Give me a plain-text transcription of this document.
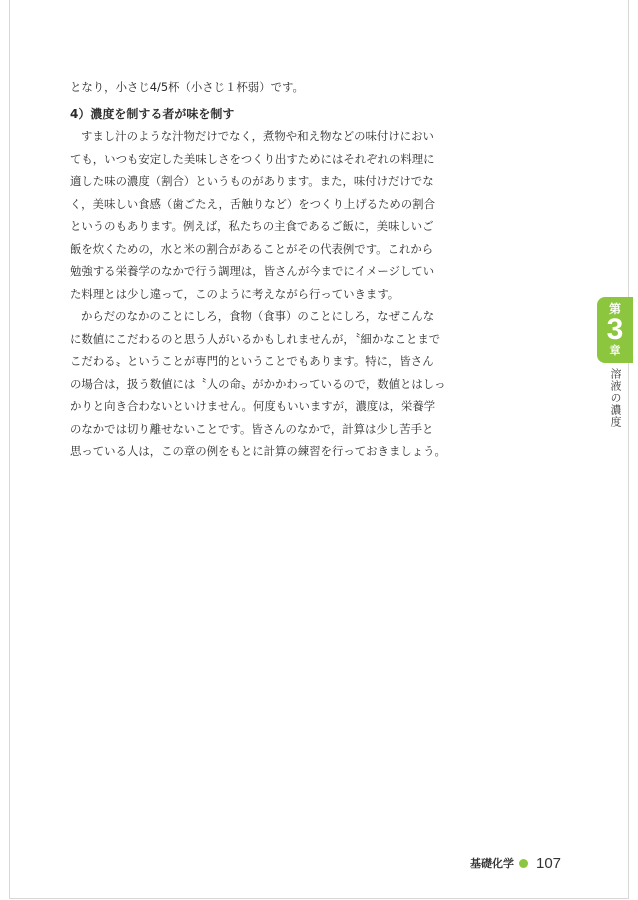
となり，小さじ4/5杯（小さじ１杯弱）です。
4）濃度を制する者が味を制す
すまし汁のような汁物だけでなく，煮物や和え物などの味付けにおい
ても，いつも安定した美味しさをつくり出すためにはそれぞれの料理に
適した味の濃度（割合）というものがあります。また，味付けだけでな
く，美味しい食感（歯ごたえ，舌触りなど）をつくり上げるための割合
というのもあります。例えば，私たちの主食であるご飯に，美味しいご
飯を炊くための，水と米の割合があることがその代表例です。これから
勉強する栄養学のなかで行う調理は，皆さんが今までにイメージしてい
た料理とは少し違って，このように考えながら行っていきます。
からだのなかのことにしろ，食物（食事）のことにしろ，なぜこんな
に数値にこだわるのと思う人がいるかもしれませんが，〝細かなことまで
こだわる〟ということが専門的ということでもあります。特に，皆さん
の場合は，扱う数値には〝人の命〟がかかわっているので，数値とはしっ
かりと向き合わないといけません。何度もいいますが，濃度は，栄養学
のなかでは切り離せないことです。皆さんのなかで，計算は少し苦手と
思っている人は，この章の例をもとに計算の練習を行っておきましょう。
第
3
章
溶液の濃度
基礎化学 107
